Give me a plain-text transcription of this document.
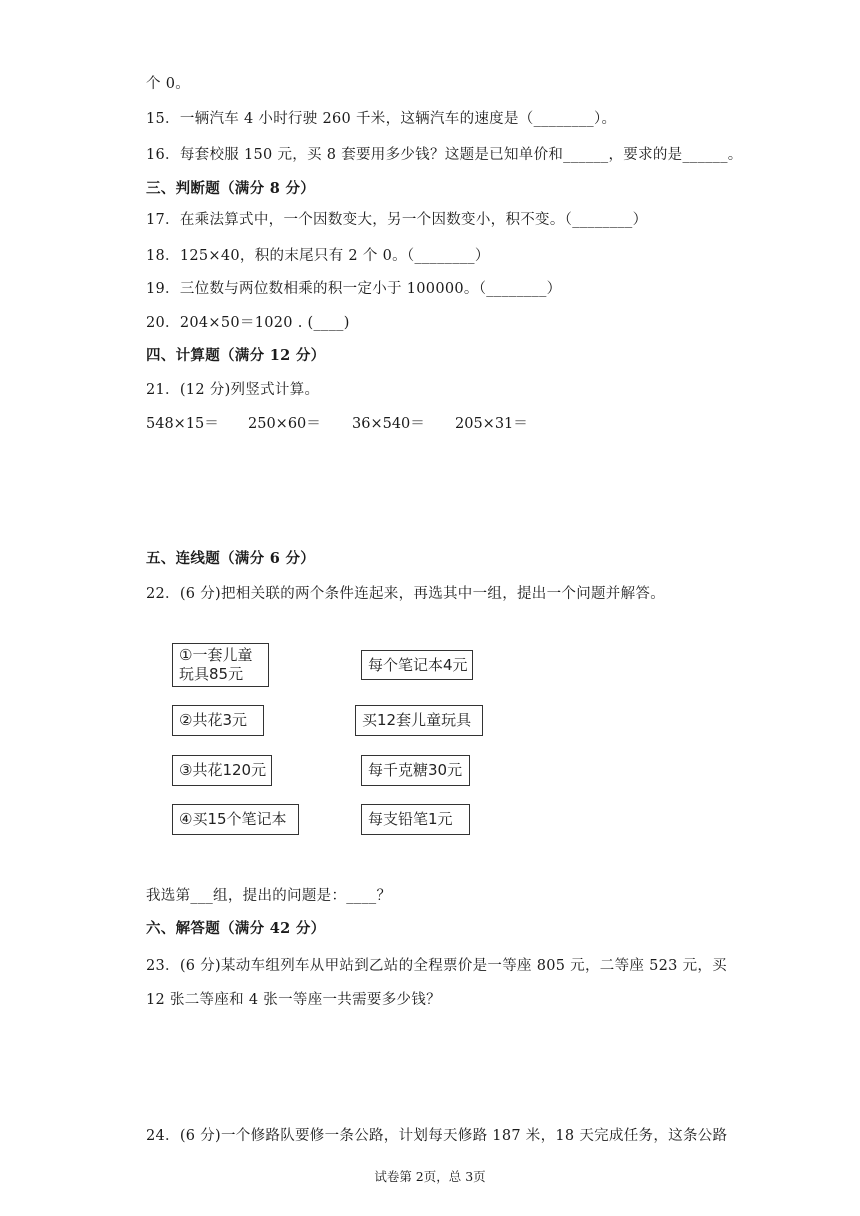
个 0。
15．一辆汽车 4 小时行驶 260 千米，这辆汽车的速度是（________）。
16．每套校服 150 元，买 8 套要用多少钱？这题是已知单价和______，要求的是______。
三、判断题（满分 8 分）
17．在乘法算式中，一个因数变大，另一个因数变小，积不变。（________）
18．125×40，积的末尾只有 2 个 0。（________）
19．三位数与两位数相乘的积一定小于 100000。（________）
20．204×50＝1020 . (____)
四、计算题（满分 12 分）
21．(12 分)列竖式计算。
548×15＝ 250×60＝ 36×540＝ 205×31＝
五、连线题（满分 6 分）
22．(6 分)把相关联的两个条件连起来，再选其中一组，提出一个问题并解答。
①一套儿童
玩具85元
②共花3元
③共花120元
④买15个笔记本
每个笔记本4元
买12套儿童玩具
每千克糖30元
每支铅笔1元
我选第___组，提出的问题是：____？
六、解答题（满分 42 分）
23．(6 分)某动车组列车从甲站到乙站的全程票价是一等座 805 元，二等座 523 元，买
12 张二等座和 4 张一等座一共需要多少钱？
24．(6 分)一个修路队要修一条公路，计划每天修路 187 米，18 天完成任务，这条公路
试卷第 2页，总 3页
